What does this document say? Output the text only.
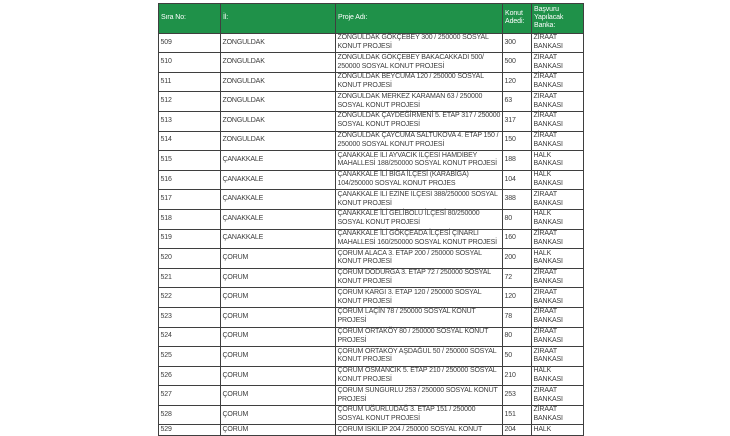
Sıra No:	İl:	Proje Adı:	Konut Adedi:	Başvuru Yapılacak Banka:
509	ZONGULDAK	ZONGULDAK GÖKÇEBEY 300 / 250000 SOSYAL KONUT PROJESİ	300	ZİRAAT BANKASI
510	ZONGULDAK	ZONGULDAK GÖKÇEBEY BAKACAKKADI 500/ 250000 SOSYAL KONUT PROJESİ	500	ZİRAAT BANKASI
511	ZONGULDAK	ZONGULDAK BEYCUMA 120 / 250000 SOSYAL KONUT PROJESİ	120	ZİRAAT BANKASI
512	ZONGULDAK	ZONGULDAK MERKEZ KARAMAN 63 / 250000 SOSYAL KONUT PROJESİ	63	ZİRAAT BANKASI
513	ZONGULDAK	ZONGULDAK ÇAYDEĞİRMENİ 5. ETAP 317 / 250000 SOSYAL KONUT PROJESİ	317	ZİRAAT BANKASI
514	ZONGULDAK	ZONGULDAK ÇAYCUMA SALTUKOVA 4. ETAP 150 / 250000 SOSYAL KONUT PROJESİ	150	ZİRAAT BANKASI
515	ÇANAKKALE	ÇANAKKALE İLİ AYVACIK İLÇESİ HAMDİBEY MAHALLESİ 188/250000 SOSYAL KONUT PROJESİ	188	HALK BANKASI
516	ÇANAKKALE	ÇANAKKALE İLİ BİGA İLÇESİ (KARABİGA) 104/250000 SOSYAL KONUT PROJES	104	HALK BANKASI
517	ÇANAKKALE	ÇANAKKALE İLİ EZİNE İLÇESİ 388/250000 SOSYAL KONUT PROJESİ	388	ZİRAAT BANKASI
518	ÇANAKKALE	ÇANAKKALE İLİ GELİBOLU İLÇESİ 80/250000 SOSYAL KONUT PROJESİ	80	HALK BANKASI
519	ÇANAKKALE	ÇANAKKALE İLİ GÖKÇEADA İLÇESİ ÇINARLI MAHALLESİ 160/250000 SOSYAL KONUT PROJESİ	160	ZİRAAT BANKASI
520	ÇORUM	ÇORUM ALACA 3. ETAP 200 / 250000 SOSYAL KONUT PROJESİ	200	HALK BANKASI
521	ÇORUM	ÇORUM DODURGA 3. ETAP 72 / 250000 SOSYAL KONUT PROJESİ	72	ZİRAAT BANKASI
522	ÇORUM	ÇORUM KARGI 3. ETAP 120 / 250000 SOSYAL KONUT PROJESİ	120	ZİRAAT BANKASI
523	ÇORUM	ÇORUM LAÇİN 78 / 250000 SOSYAL KONUT PROJESİ	78	ZİRAAT BANKASI
524	ÇORUM	ÇORUM ORTAKÖY 80 / 250000 SOSYAL KONUT PROJESİ	80	ZİRAAT BANKASI
525	ÇORUM	ÇORUM ORTAKÖY AŞDAĞUL 50 / 250000 SOSYAL KONUT PROJESİ	50	ZİRAAT BANKASI
526	ÇORUM	ÇORUM OSMANCIK 5. ETAP 210 / 250000 SOSYAL KONUT PROJESİ	210	HALK BANKASI
527	ÇORUM	ÇORUM SUNGURLU 253 / 250000 SOSYAL KONUT PROJESİ	253	ZİRAAT BANKASI
528	ÇORUM	ÇORUM UĞURLUDAĞ 3. ETAP 151 / 250000 SOSYAL KONUT PROJESİ	151	ZİRAAT BANKASI
529	ÇORUM	ÇORUM İSKİLİP 204 / 250000 SOSYAL KONUT	204	HALK
